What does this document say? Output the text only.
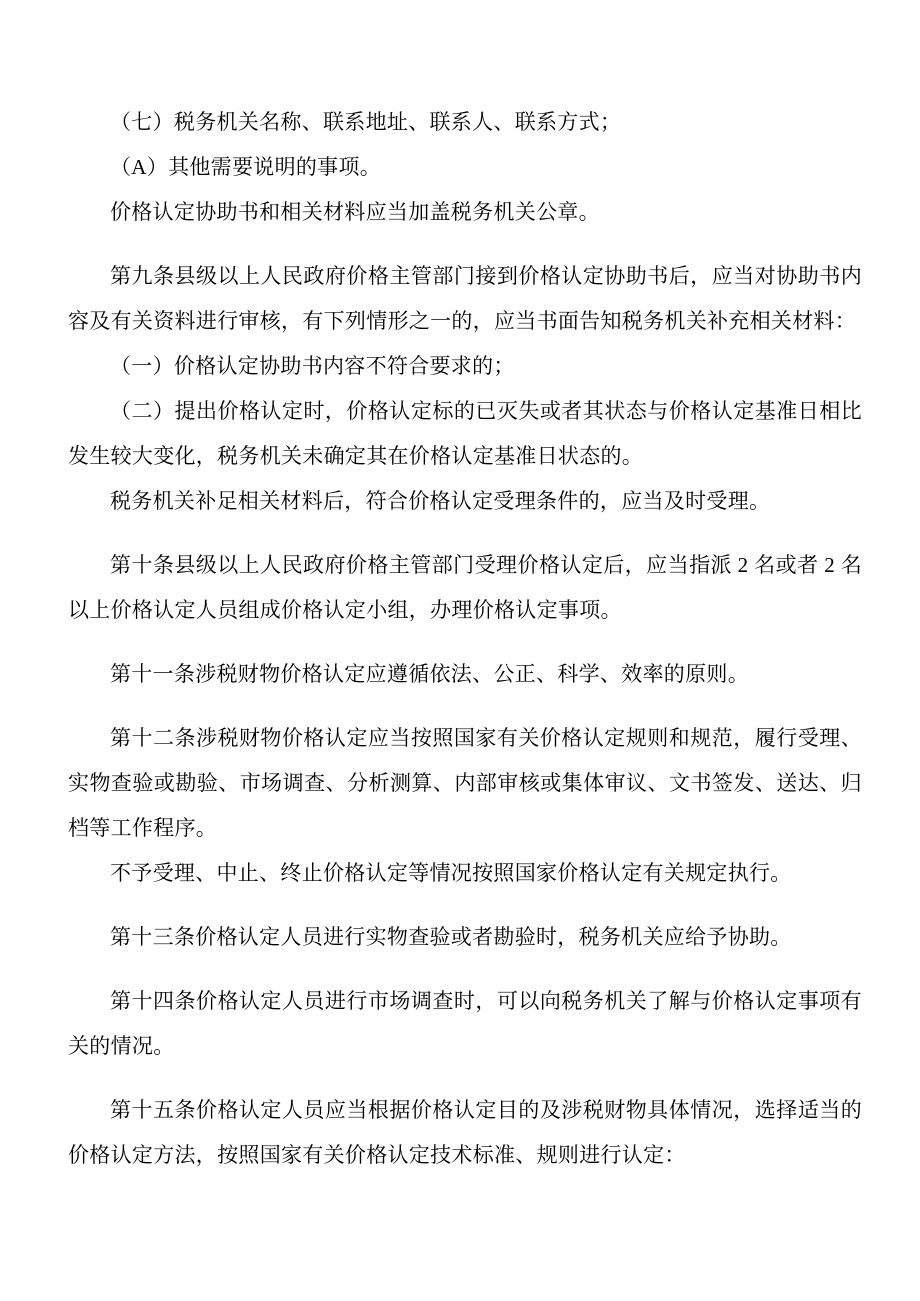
（七）税务机关名称、联系地址、联系人、联系方式；

（A）其他需要说明的事项。

价格认定协助书和相关材料应当加盖税务机关公章。

第九条县级以上人民政府价格主管部门接到价格认定协助书后，应当对协助书内容及有关资料进行审核，有下列情形之一的，应当书面告知税务机关补充相关材料：

（一）价格认定协助书内容不符合要求的；

（二）提出价格认定时，价格认定标的已灭失或者其状态与价格认定基准日相比发生较大变化，税务机关未确定其在价格认定基准日状态的。

税务机关补足相关材料后，符合价格认定受理条件的，应当及时受理。

第十条县级以上人民政府价格主管部门受理价格认定后，应当指派 2 名或者 2 名以上价格认定人员组成价格认定小组，办理价格认定事项。

第十一条涉税财物价格认定应遵循依法、公正、科学、效率的原则。

第十二条涉税财物价格认定应当按照国家有关价格认定规则和规范，履行受理、实物查验或勘验、市场调查、分析测算、内部审核或集体审议、文书签发、送达、归档等工作程序。

不予受理、中止、终止价格认定等情况按照国家价格认定有关规定执行。

第十三条价格认定人员进行实物查验或者勘验时，税务机关应给予协助。

第十四条价格认定人员进行市场调查时，可以向税务机关了解与价格认定事项有关的情况。

第十五条价格认定人员应当根据价格认定目的及涉税财物具体情况，选择适当的价格认定方法，按照国家有关价格认定技术标准、规则进行认定：
